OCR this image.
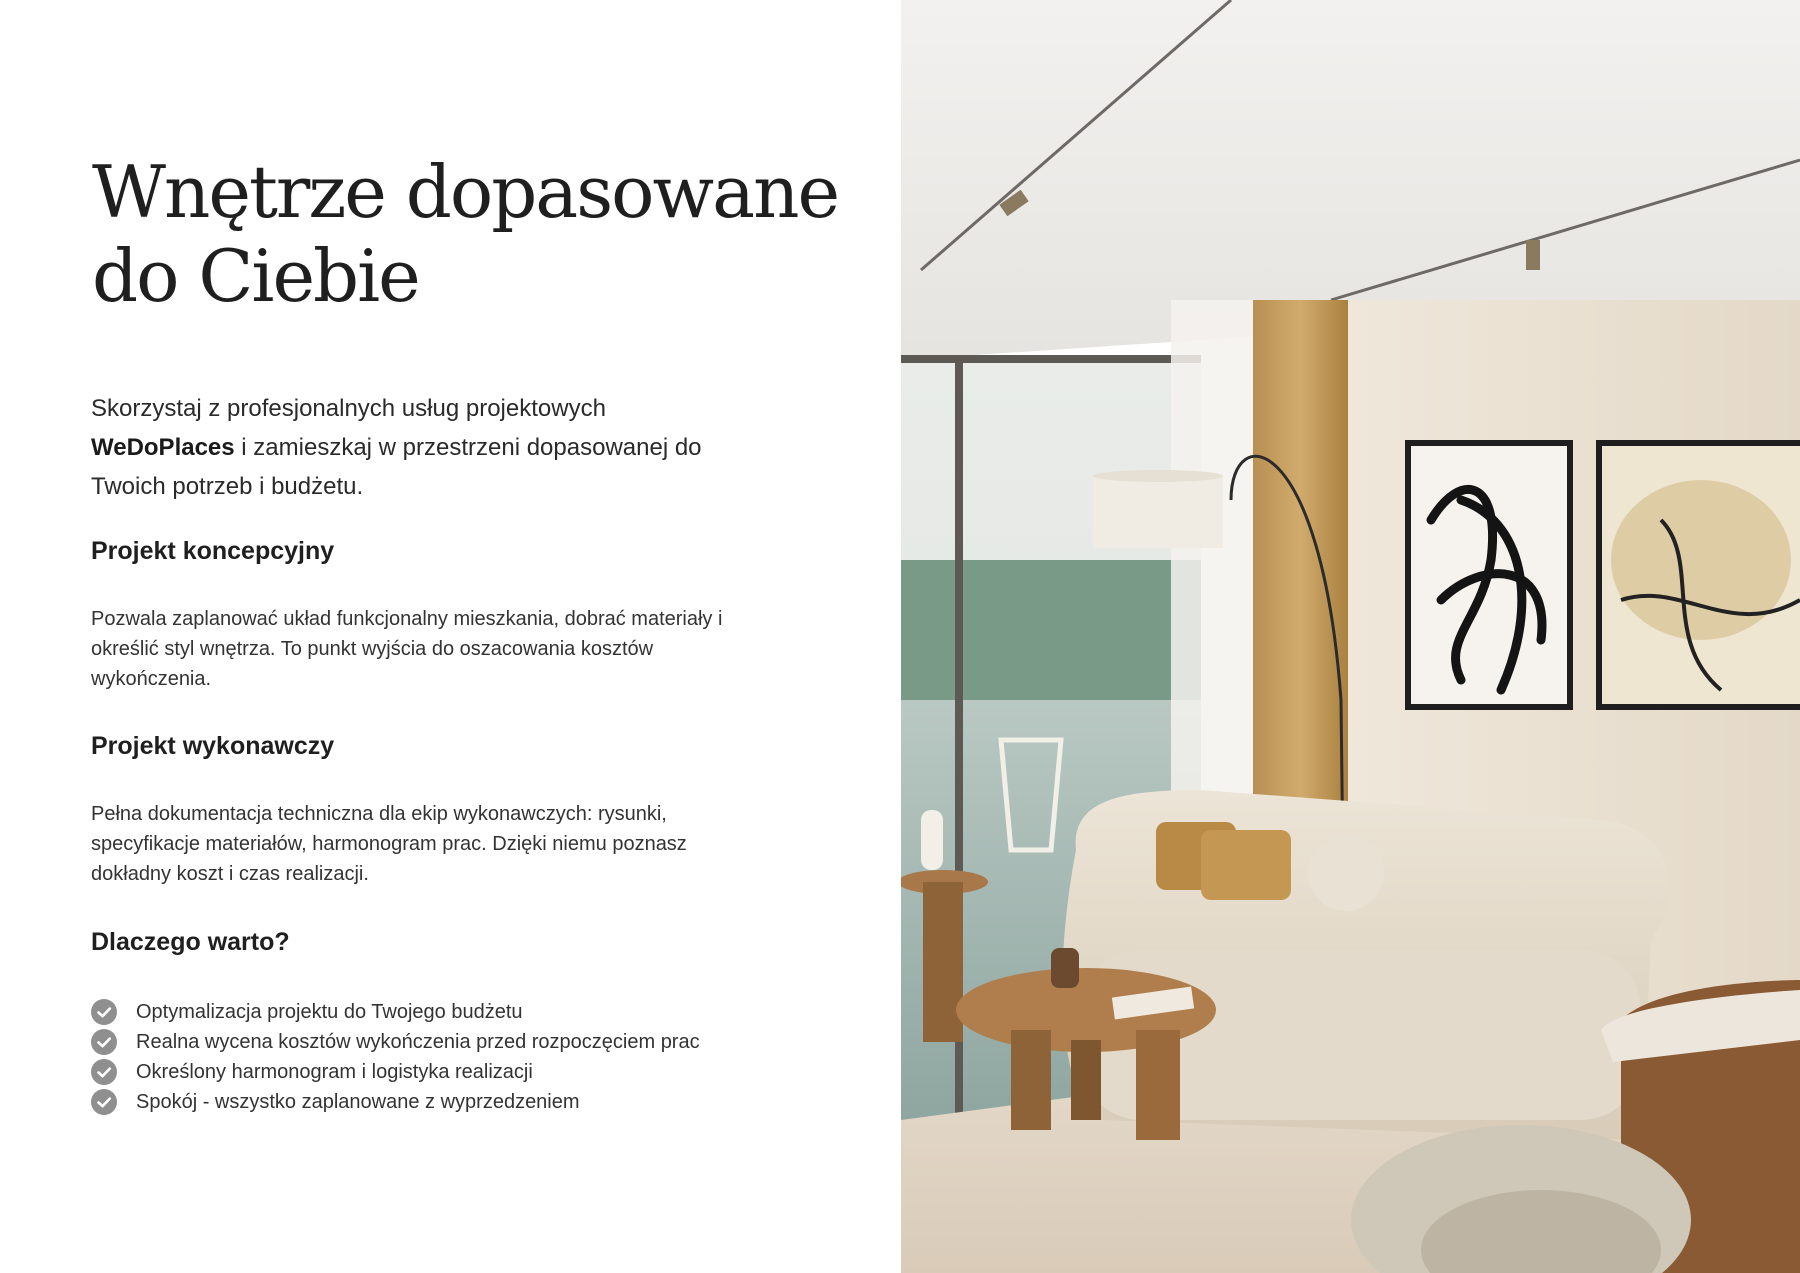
Wnętrze dopasowane
do Ciebie

Skorzystaj z profesjonalnych usług projektowych WeDoPlaces i zamieszkaj w przestrzeni dopasowanej do Twoich potrzeb i budżetu.

Projekt koncepcyjny

Pozwala zaplanować układ funkcjonalny mieszkania, dobrać materiały i określić styl wnętrza. To punkt wyjścia do oszacowania kosztów wykończenia.

Projekt wykonawczy

Pełna dokumentacja techniczna dla ekip wykonawczych: rysunki, specyfikacje materiałów, harmonogram prac. Dzięki niemu poznasz dokładny koszt i czas realizacji.

Dlaczego warto?
Optymalizacja projektu do Twojego budżetu
Realna wycena kosztów wykończenia przed rozpoczęciem prac
Określony harmonogram i logistyka realizacji
Spokój - wszystko zaplanowane z wyprzedzeniem
